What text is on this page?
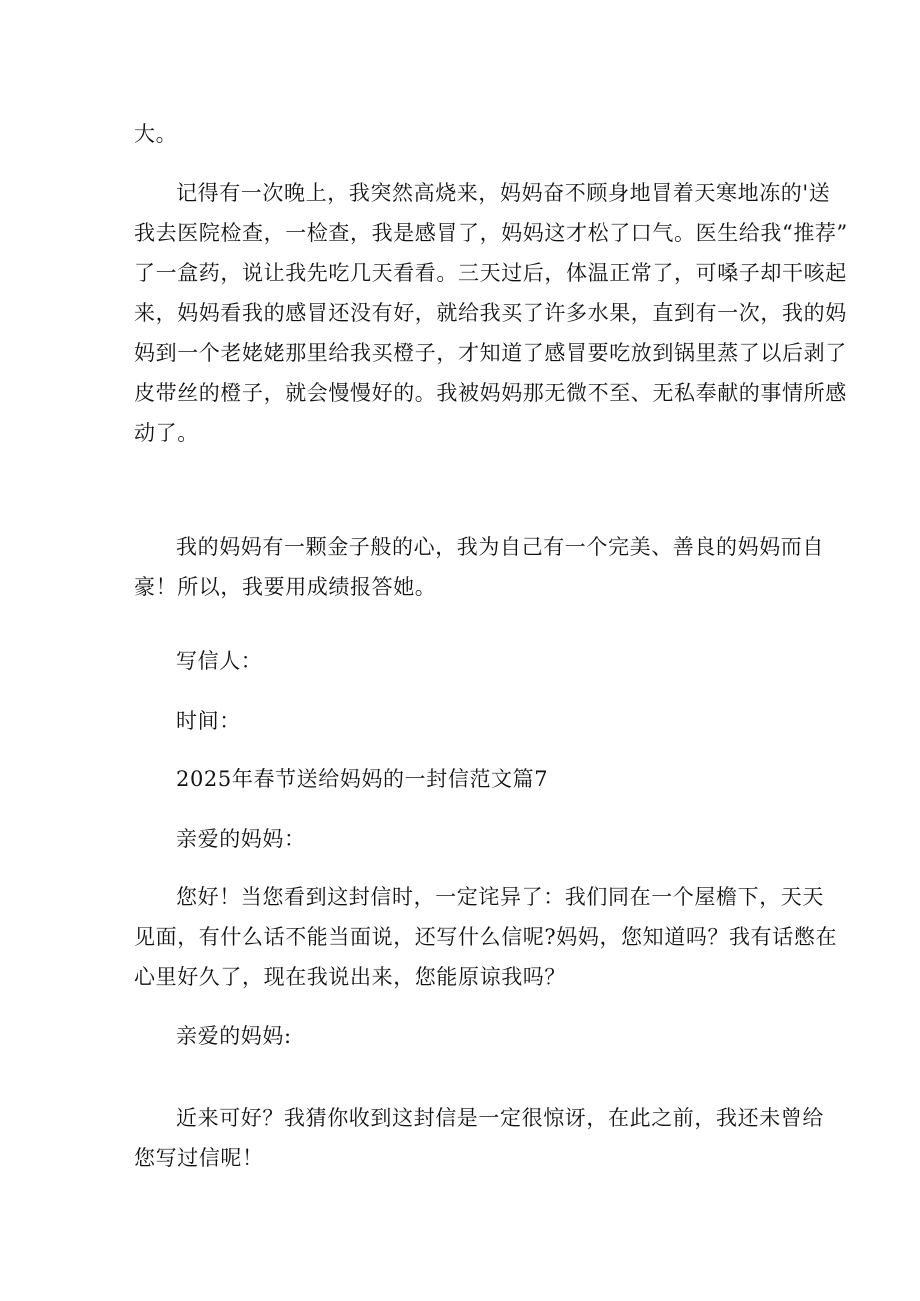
大。

记得有一次晚上，我突然高烧来，妈妈奋不顾身地冒着天寒地冻的'送
我去医院检查，一检查，我是感冒了，妈妈这才松了口气。医生给我“推荐”
了一盒药，说让我先吃几天看看。三天过后，体温正常了，可嗓子却干咳起
来，妈妈看我的感冒还没有好，就给我买了许多水果，直到有一次，我的妈
妈到一个老姥姥那里给我买橙子，才知道了感冒要吃放到锅里蒸了以后剥了
皮带丝的橙子，就会慢慢好的。我被妈妈那无微不至、无私奉献的事情所感
动了。

我的妈妈有一颗金子般的心，我为自己有一个完美、善良的妈妈而自
豪！所以，我要用成绩报答她。

写信人：

时间：

2025年春节送给妈妈的一封信范文篇7

亲爱的妈妈：

您好！当您看到这封信时，一定诧异了：我们同在一个屋檐下，天天
见面，有什么话不能当面说，还写什么信呢?妈妈，您知道吗？我有话憋在
心里好久了，现在我说出来，您能原谅我吗？

亲爱的妈妈:

近来可好？我猜你收到这封信是一定很惊讶，在此之前，我还未曾给
您写过信呢！
